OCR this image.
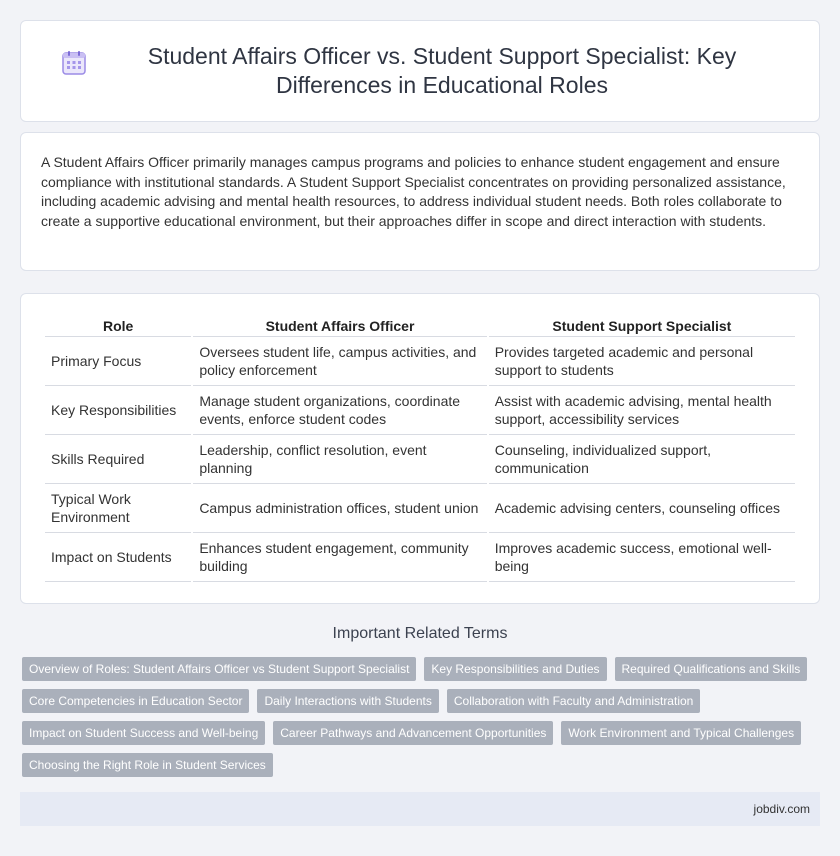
Student Affairs Officer vs. Student Support Specialist: Key Differences in Educational Roles

A Student Affairs Officer primarily manages campus programs and policies to enhance student engagement and ensure compliance with institutional standards. A Student Support Specialist concentrates on providing personalized assistance, including academic advising and mental health resources, to address individual student needs. Both roles collaborate to create a supportive educational environment, but their approaches differ in scope and direct interaction with students.

Role	Student Affairs Officer	Student Support Specialist
Primary Focus	Oversees student life, campus activities, and policy enforcement	Provides targeted academic and personal support to students
Key Responsibilities	Manage student organizations, coordinate events, enforce student codes	Assist with academic advising, mental health support, accessibility services
Skills Required	Leadership, conflict resolution, event planning	Counseling, individualized support, communication
Typical Work Environment	Campus administration offices, student union	Academic advising centers, counseling offices
Impact on Students	Enhances student engagement, community building	Improves academic success, emotional well-being
Important Related Terms
Overview of Roles: Student Affairs Officer vs Student Support Specialist	Key Responsibilities and Duties	Required Qualifications and Skills
Core Competencies in Education Sector	Daily Interactions with Students	Collaboration with Faculty and Administration
Impact on Student Success and Well-being	Career Pathways and Advancement Opportunities	Work Environment and Typical Challenges
Choosing the Right Role in Student Services
jobdiv.com
